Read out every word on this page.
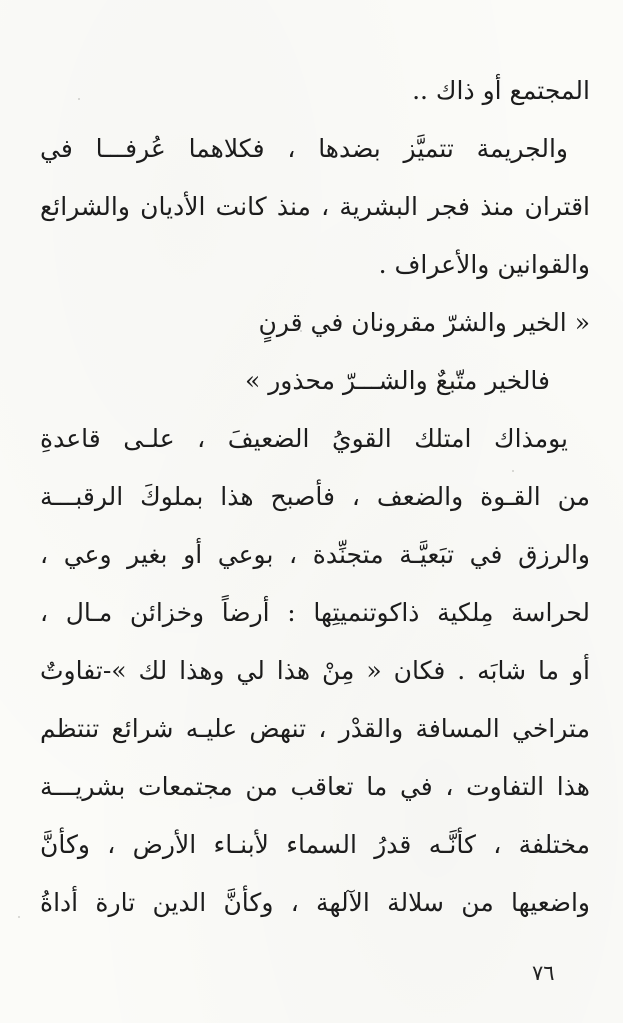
المجتمع أو ذاك ..
والجريمة تتميَّز بضدها ، فكلاهما عُرفـــا في
اقتران منذ فجر البشرية ، منذ كانت الأديان والشرائع
والقوانين والأعراف .
« الخير والشرّ مقرونان في قرنٍ
فالخير متّبعٌ والشـــرّ محذور »
يومذاك امتلك القويُ الضعيفَ ، علـى قاعدةِ
من القـوة والضعف ، فأصبح هذا بملوكَ الرقبـــة
والرزق في تبَعيَّـة متجنِّدة ، بوعي أو بغير وعي ،
لحراسة مِلكية ذاكوتنميتِها : أرضاً وخزائن مـال ،
أو ما شابَه . فكان « مِنْ هذا لي وهذا لك »-تفاوتٌ
متراخي المسافة والقدْر ، تنهض عليـه شرائع تنتظم
هذا التفاوت ، في ما تعاقب من مجتمعات بشريـــة
مختلفة ، كأنَّـه قدرُ السماء لأبنـاء الأرض ، وكأنَّ
واضعيها من سلالة الآلهة ، وكأنَّ الدين تارة أداةُ
٧٦
